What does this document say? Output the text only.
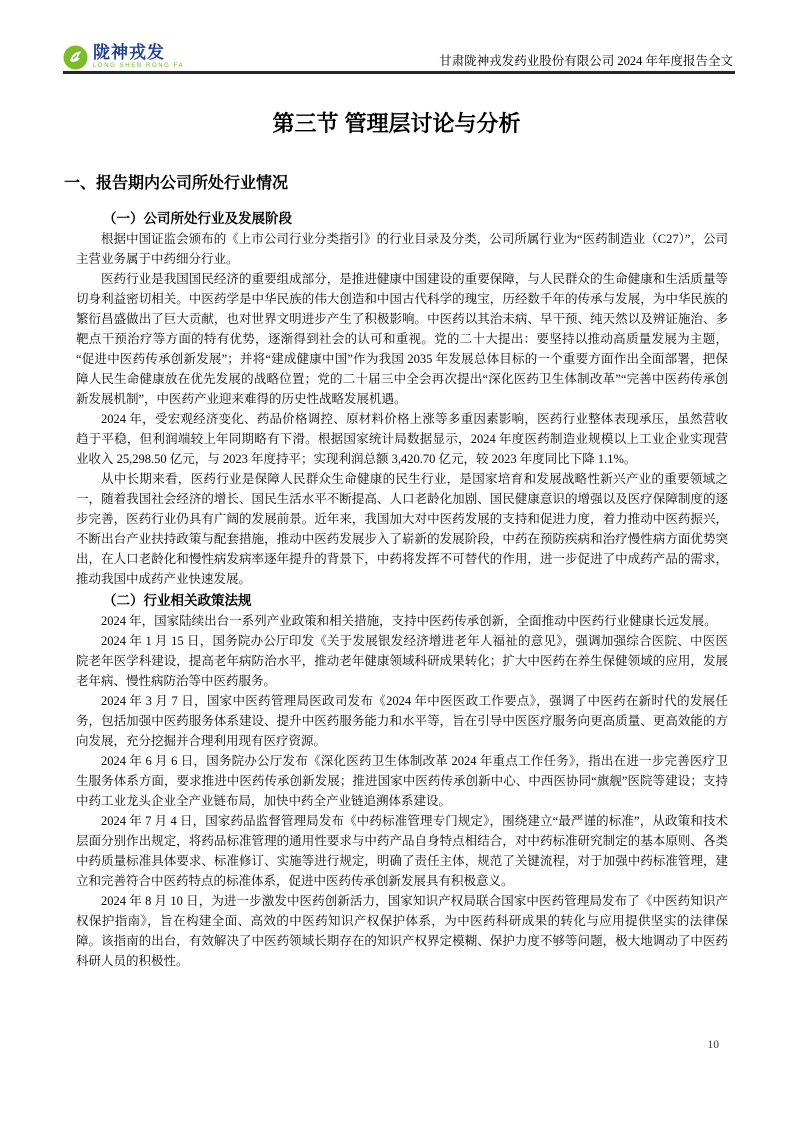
陇神戎发
LONG SHEN RONG FA	甘肃陇神戎发药业股份有限公司 2024 年年度报告全文
第三节 管理层讨论与分析
一、报告期内公司所处行业情况
（一）公司所处行业及发展阶段

根据中国证监会颁布的《上市公司行业分类指引》的行业目录及分类，公司所属行业为“医药制造业（C27）”，公司主营业务属于中药细分行业。

医药行业是我国国民经济的重要组成部分，是推进健康中国建设的重要保障，与人民群众的生命健康和生活质量等切身利益密切相关。中医药学是中华民族的伟大创造和中国古代科学的瑰宝，历经数千年的传承与发展，为中华民族的繁衍昌盛做出了巨大贡献，也对世界文明进步产生了积极影响。中医药以其治未病、早干预、纯天然以及辨证施治、多靶点干预治疗等方面的特有优势，逐渐得到社会的认可和重视。党的二十大提出：要坚持以推动高质量发展为主题，“促进中医药传承创新发展”；并将“建成健康中国”作为我国 2035 年发展总体目标的一个重要方面作出全面部署，把保障人民生命健康放在优先发展的战略位置；党的二十届三中全会再次提出“深化医药卫生体制改革”“完善中医药传承创新发展机制”，中医药产业迎来难得的历史性战略发展机遇。

2024 年，受宏观经济变化、药品价格调控、原材料价格上涨等多重因素影响，医药行业整体表现承压，虽然营收趋于平稳，但利润端较上年同期略有下滑。根据国家统计局数据显示，2024 年度医药制造业规模以上工业企业实现营业收入 25,298.50 亿元，与 2023 年度持平；实现利润总额 3,420.70 亿元，较 2023 年度同比下降 1.1%。

从中长期来看，医药行业是保障人民群众生命健康的民生行业，是国家培育和发展战略性新兴产业的重要领域之一，随着我国社会经济的增长、国民生活水平不断提高、人口老龄化加剧、国民健康意识的增强以及医疗保障制度的逐步完善，医药行业仍具有广阔的发展前景。近年来，我国加大对中医药发展的支持和促进力度，着力推动中医药振兴，不断出台产业扶持政策与配套措施，推动中医药发展步入了崭新的发展阶段，中药在预防疾病和治疗慢性病方面优势突出，在人口老龄化和慢性病发病率逐年提升的背景下，中药将发挥不可替代的作用，进一步促进了中成药产品的需求，推动我国中成药产业快速发展。

（二）行业相关政策法规

2024 年，国家陆续出台一系列产业政策和相关措施，支持中医药传承创新，全面推动中医药行业健康长远发展。

2024 年 1 月 15 日，国务院办公厅印发《关于发展银发经济增进老年人福祉的意见》，强调加强综合医院、中医医院老年医学科建设，提高老年病防治水平，推动老年健康领域科研成果转化；扩大中医药在养生保健领域的应用，发展老年病、慢性病防治等中医药服务。

2024 年 3 月 7 日，国家中医药管理局医政司发布《2024 年中医医政工作要点》，强调了中医药在新时代的发展任务，包括加强中医药服务体系建设、提升中医药服务能力和水平等，旨在引导中医医疗服务向更高质量、更高效能的方向发展，充分挖掘并合理利用现有医疗资源。

2024 年 6 月 6 日，国务院办公厅发布《深化医药卫生体制改革 2024 年重点工作任务》，指出在进一步完善医疗卫生服务体系方面，要求推进中医药传承创新发展；推进国家中医药传承创新中心、中西医协同“旗舰”医院等建设；支持中药工业龙头企业全产业链布局，加快中药全产业链追溯体系建设。

2024 年 7 月 4 日，国家药品监督管理局发布《中药标准管理专门规定》，围绕建立“最严谨的标准”，从政策和技术层面分别作出规定，将药品标准管理的通用性要求与中药产品自身特点相结合，对中药标准研究制定的基本原则、各类中药质量标准具体要求、标准修订、实施等进行规定，明确了责任主体，规范了关键流程，对于加强中药标准管理，建立和完善符合中医药特点的标准体系，促进中医药传承创新发展具有积极意义。

2024 年 8 月 10 日，为进一步激发中医药创新活力，国家知识产权局联合国家中医药管理局发布了《中医药知识产权保护指南》，旨在构建全面、高效的中医药知识产权保护体系，为中医药科研成果的转化与应用提供坚实的法律保障。该指南的出台，有效解决了中医药领域长期存在的知识产权界定模糊、保护力度不够等问题，极大地调动了中医药科研人员的积极性。

10
